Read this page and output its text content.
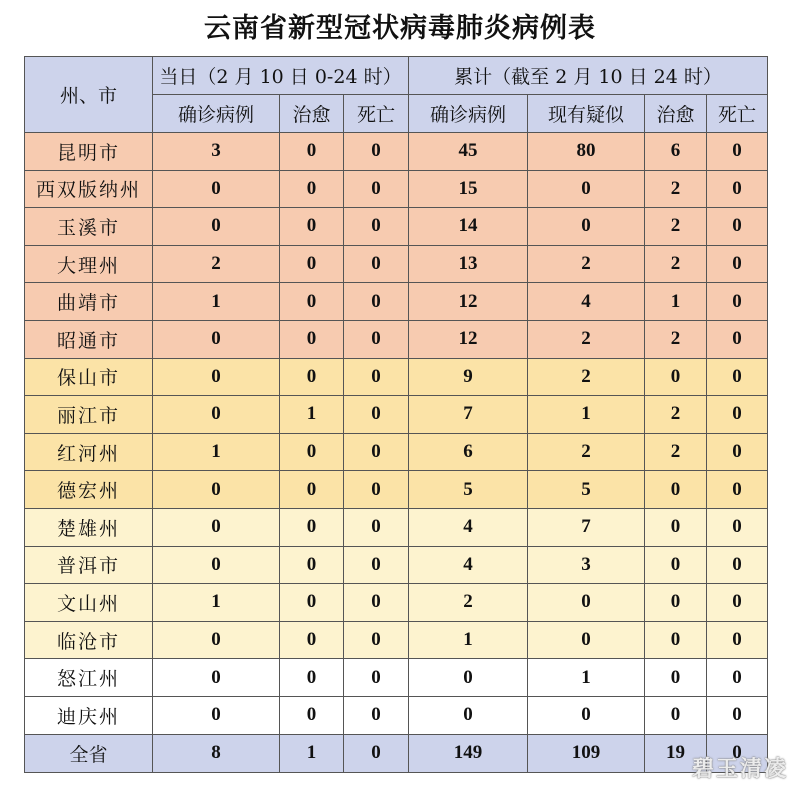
云南省新型冠状病毒肺炎病例表
州、市	当日（2 月 10 日 0-24 时）			累计（截至 2 月 10 日 24 时）			
	确诊病例	治愈	死亡	确诊病例	现有疑似	治愈	死亡
昆明市	3	0	0	45	80	6	0
西双版纳州	0	0	0	15	0	2	0
玉溪市	0	0	0	14	0	2	0
大理州	2	0	0	13	2	2	0
曲靖市	1	0	0	12	4	1	0
昭通市	0	0	0	12	2	2	0
保山市	0	0	0	9	2	0	0
丽江市	0	1	0	7	1	2	0
红河州	1	0	0	6	2	2	0
德宏州	0	0	0	5	5	0	0
楚雄州	0	0	0	4	7	0	0
普洱市	0	0	0	4	3	0	0
文山州	1	0	0	2	0	0	0
临沧市	0	0	0	1	0	0	0
怒江州	0	0	0	0	1	0	0
迪庆州	0	0	0	0	0	0	0
全省	8	1	0	149	109	19	0
碧玉清凌
